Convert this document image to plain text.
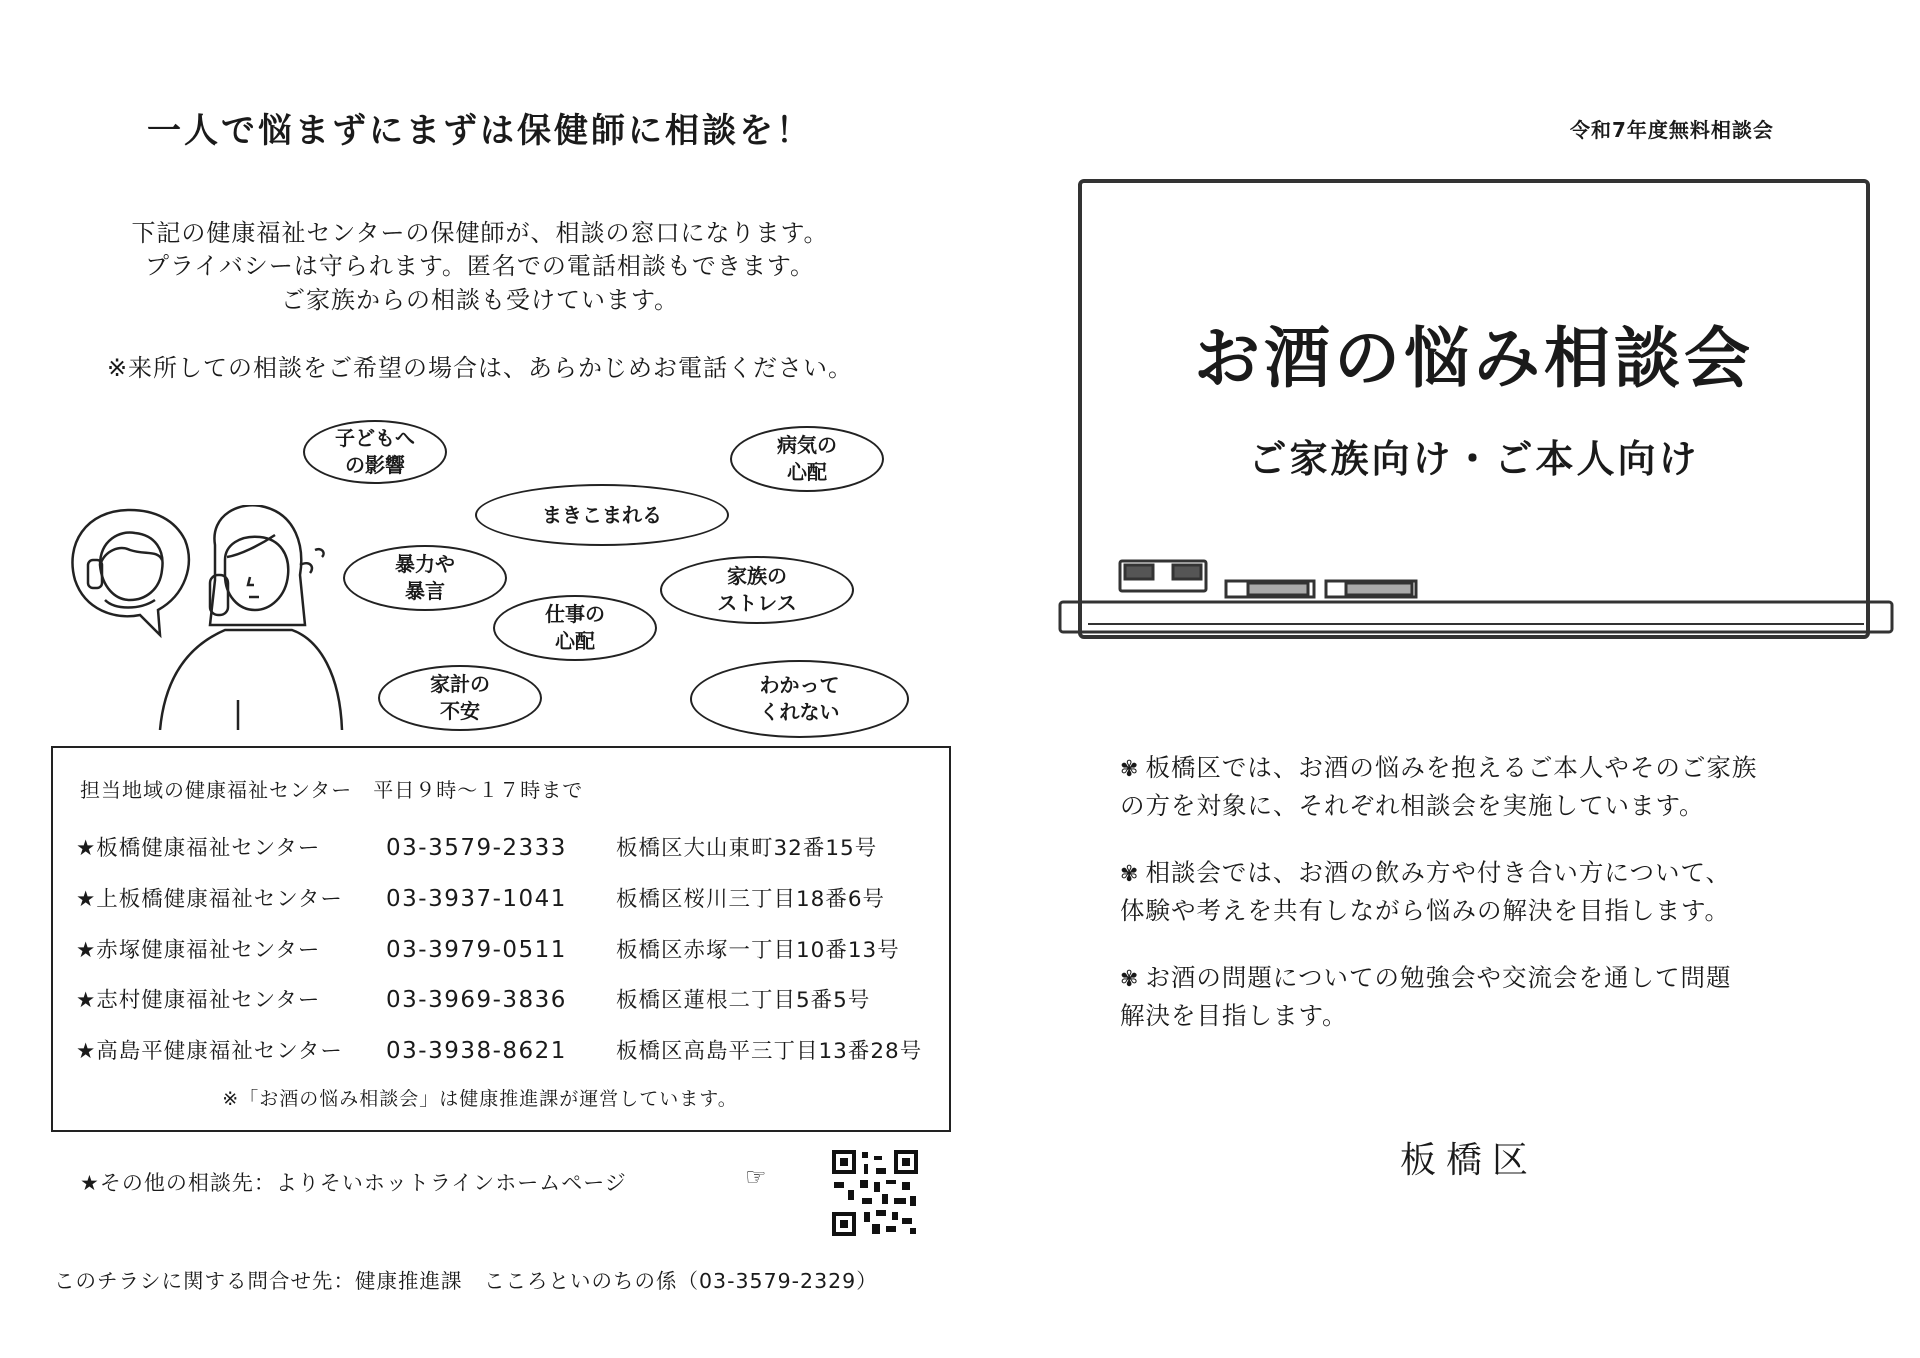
一人で悩まずにまずは保健師に相談を！
下記の健康福祉センターの保健師が、相談の窓口になります。
プライバシーは守られます。匿名での電話相談もできます。
ご家族からの相談も受けています。
※来所しての相談をご希望の場合は、あらかじめお電話ください。
子どもへ
の影響
病気の
心配
まきこまれる
暴力や
暴言
家族の
ストレス
仕事の
心配
家計の
不安
わかって
くれない
担当地域の健康福祉センター　平日９時～１７時まで
★板橋健康福祉センター	03-3579-2333 板橋区大山東町32番15号
★上板橋健康福祉センター 03-3937-1041 板橋区桜川三丁目18番6号
★赤塚健康福祉センター	03-3979-0511 板橋区赤塚一丁目10番13号
★志村健康福祉センター	03-3969-3836 板橋区蓮根二丁目5番5号
★高島平健康福祉センター 03-3938-8621 板橋区高島平三丁目13番28号
※「お酒の悩み相談会」は健康推進課が運営しています。
★その他の相談先：よりそいホットラインホームページ	☞
このチラシに関する問合せ先：健康推進課　こころといのちの係（03-3579-2329）
令和7年度無料相談会
お酒の悩み相談会
ご家族向け・ご本人向け
✾ 板橋区では、お酒の悩みを抱えるご本人やそのご家族
の方を対象に、それぞれ相談会を実施しています。
✾ 相談会では、お酒の飲み方や付き合い方について、
体験や考えを共有しながら悩みの解決を目指します。
✾ お酒の問題についての勉強会や交流会を通して問題
解決を目指します。
板橋区
